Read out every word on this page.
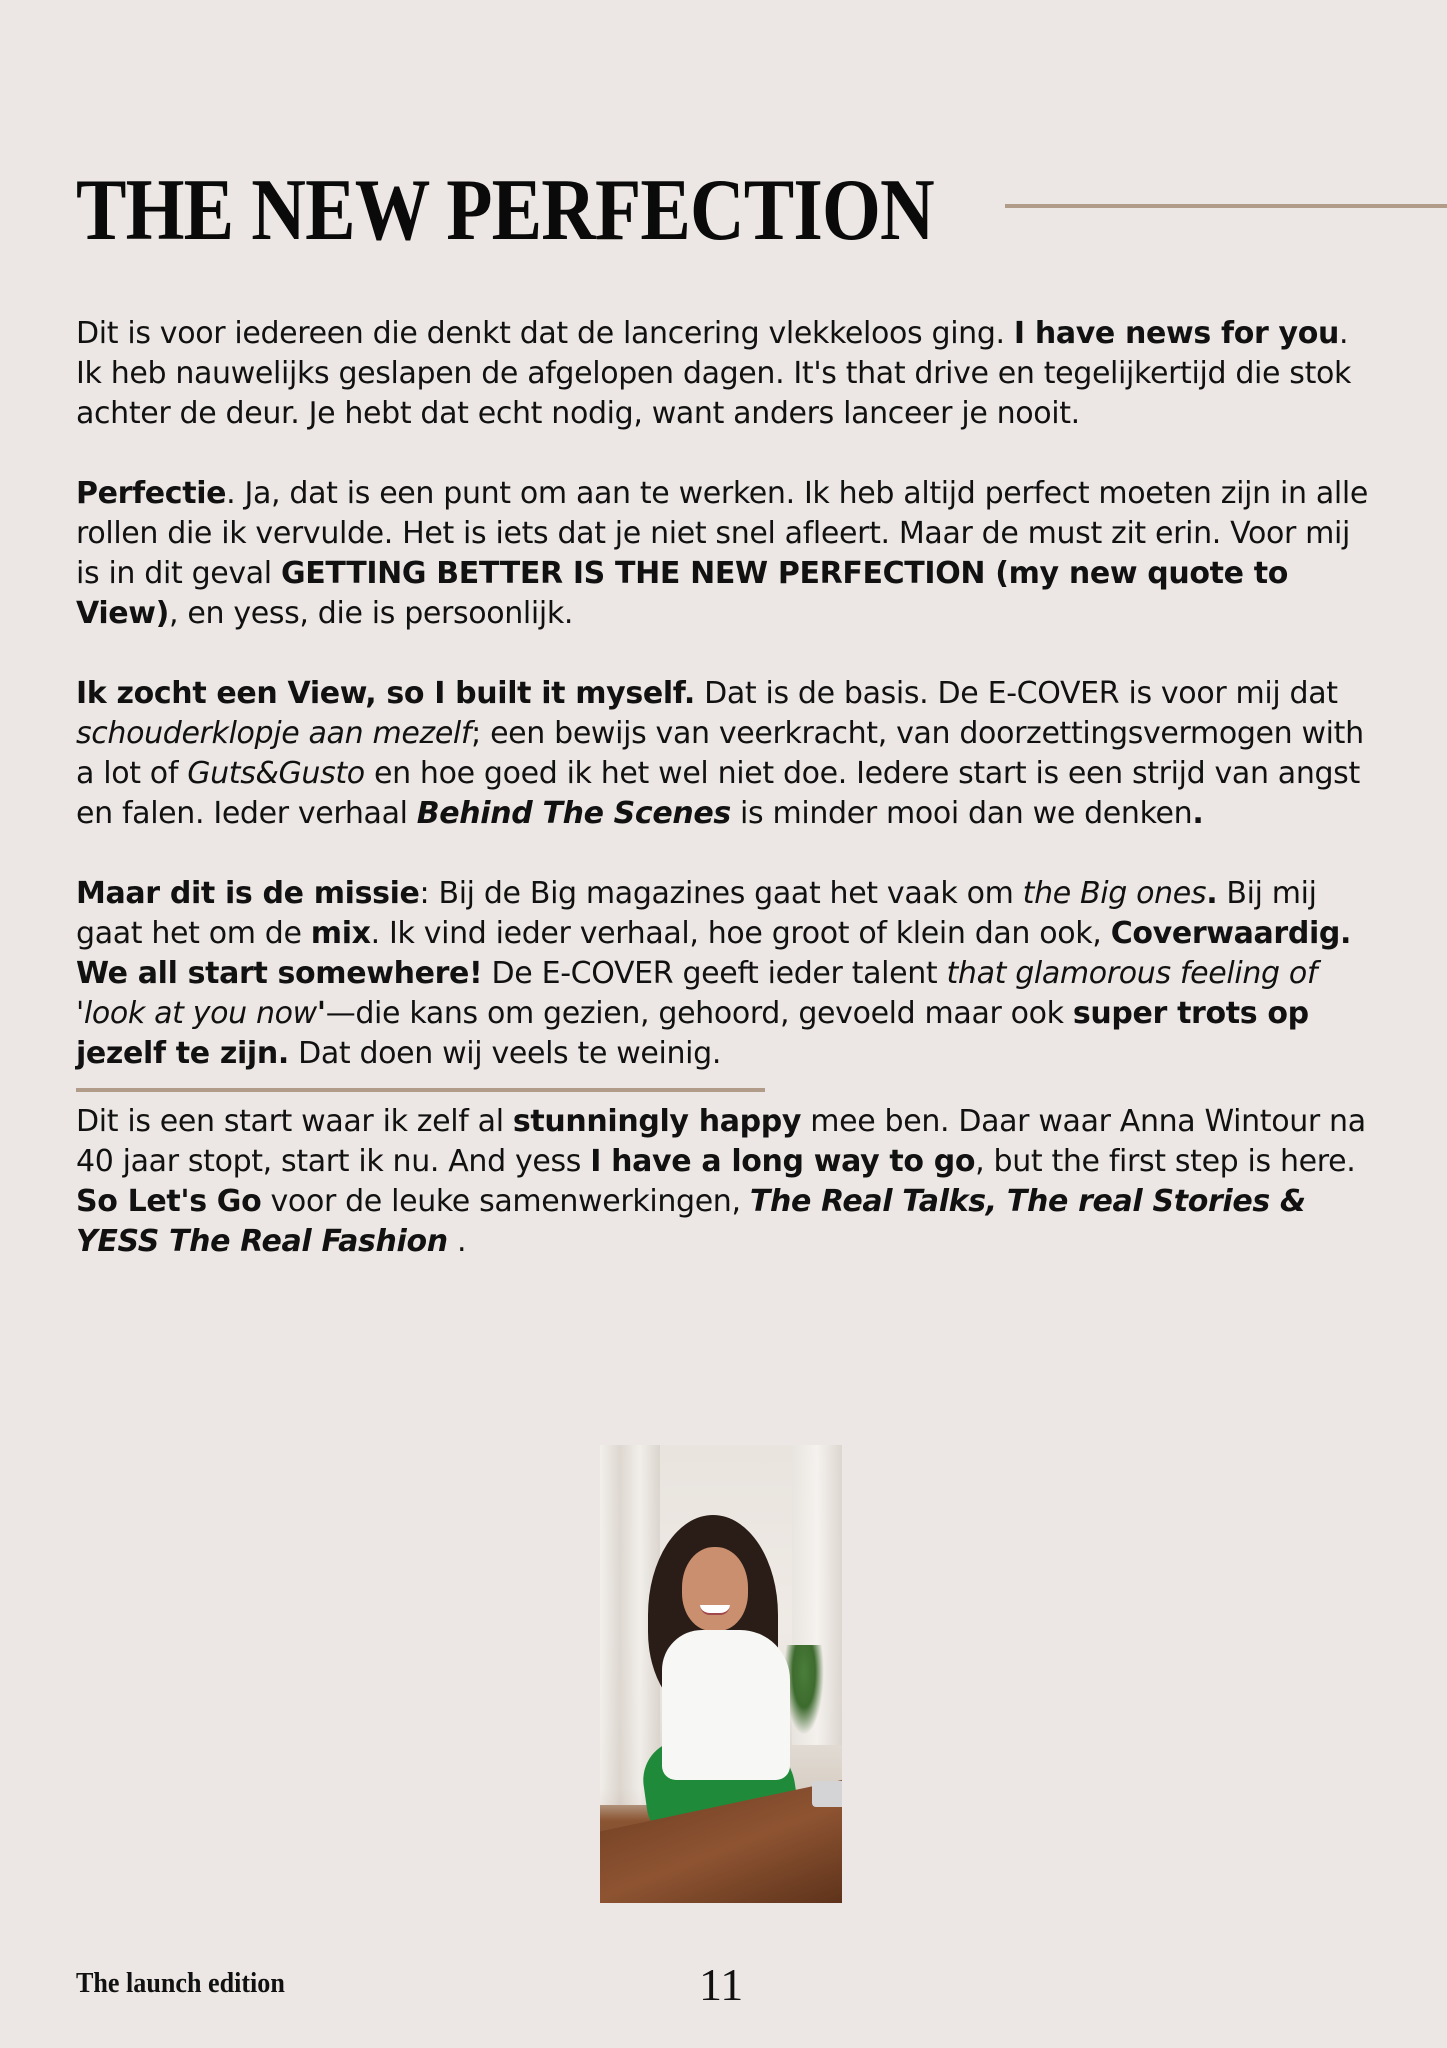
THE NEW PERFECTION

Dit is voor iedereen die denkt dat de lancering vlekkeloos ging. I have news for you. Ik heb nauwelijks geslapen de afgelopen dagen. It's that drive en tegelijkertijd die stok achter de deur. Je hebt dat echt nodig, want anders lanceer je nooit.

Perfectie. Ja, dat is een punt om aan te werken. Ik heb altijd perfect moeten zijn in alle rollen die ik vervulde. Het is iets dat je niet snel afleert. Maar de must zit erin. Voor mij is in dit geval GETTING BETTER IS THE NEW PERFECTION (my new quote to View), en yess, die is persoonlijk.

Ik zocht een View, so I built it myself. Dat is de basis. De E-COVER is voor mij dat schouderklopje aan mezelf; een bewijs van veerkracht, van doorzettingsvermogen with a lot of Guts&Gusto en hoe goed ik het wel niet doe. Iedere start is een strijd van angst en falen. Ieder verhaal Behind The Scenes is minder mooi dan we denken.

Maar dit is de missie: Bij de Big magazines gaat het vaak om the Big ones. Bij mij gaat het om de mix. Ik vind ieder verhaal, hoe groot of klein dan ook, Coverwaardig. We all start somewhere! De E-COVER geeft ieder talent that glamorous feeling of 'look at you now'—die kans om gezien, gehoord, gevoeld maar ook super trots op jezelf te zijn. Dat doen wij veels te weinig.

Dit is een start waar ik zelf al stunningly happy mee ben. Daar waar Anna Wintour na 40 jaar stopt, start ik nu. And yess I have a long way to go, but the first step is here. So Let's Go voor de leuke samenwerkingen, The Real Talks, The real Stories & YESS The Real Fashion .

The launch edition	11
